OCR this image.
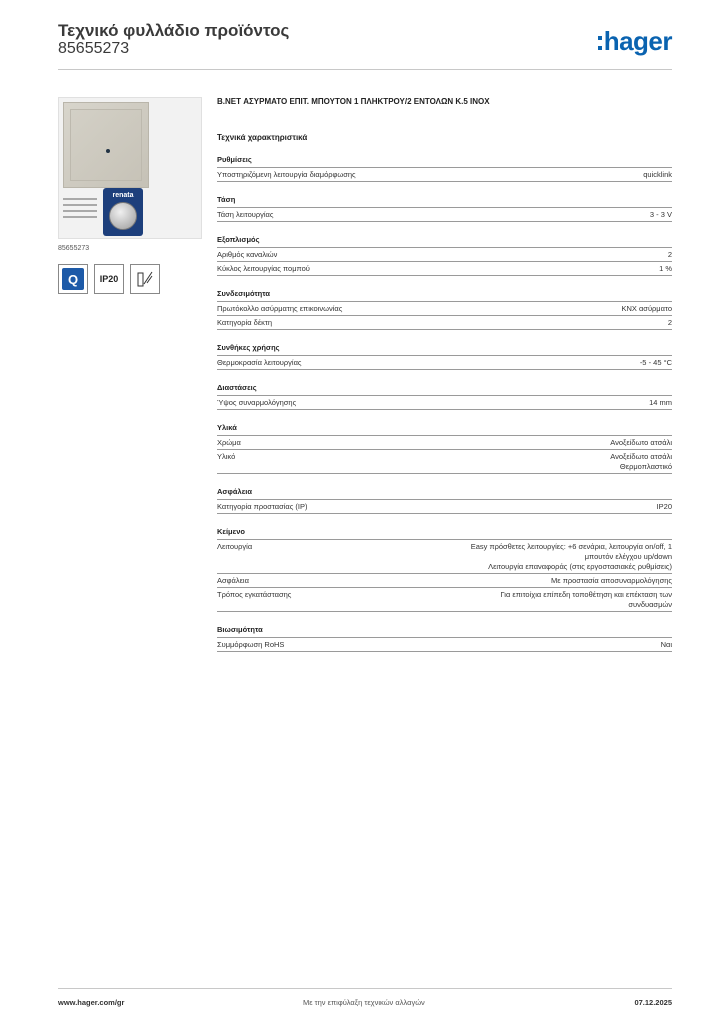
Τεχνικό φυλλάδιο προϊόντος
85655273	hager
renata
85655273
Q	IP20
B.NET ΑΣΥΡΜΑΤΟ ΕΠΙΤ. ΜΠΟΥΤΟΝ 1 ΠΛΗΚΤΡΟΥ/2 ΕΝΤΟΛΩΝ Κ.5 INOX
Τεχνικά χαρακτηριστικά
Ρυθμίσεις
Υποστηριζόμενη λειτουργία διαμόρφωσης	quicklink
Τάση
Τάση λειτουργίας	3 - 3 V
Εξοπλισμός
Αριθμός καναλιών	2
Κύκλος λειτουργίας πομπού	1 %
Συνδεσιμότητα
Πρωτόκολλο ασύρματης επικοινωνίας	KNX ασύρματο
Κατηγορία δέκτη	2
Συνθήκες χρήσης
Θερμοκρασία λειτουργίας	-5 - 45 °C
Διαστάσεις
Ύψος συναρμολόγησης	14 mm
Υλικά
Χρώμα	Ανοξείδωτο ατσάλι
Υλικό	Ανοξείδωτο ατσάλι
Θερμοπλαστικό
Ασφάλεια
Κατηγορία προστασίας (IP)	IP20
Κείμενο
Λειτουργία	Easy πρόσθετες λειτουργίες: +6 σενάρια, λειτουργία on/off, 1
μπουτόν ελέγχου up/down
Λειτουργία επαναφοράς (στις εργοστασιακές ρυθμίσεις)
Ασφάλεια	Με προστασία αποσυναρμολόγησης
Τρόπος εγκατάστασης	Για επιτοίχια επίπεδη τοποθέτηση και επέκταση των
συνδυασμών
Βιωσιμότητα
Συμμόρφωση RoHS	Ναι
www.hager.com/gr	Με την επιφύλαξη τεχνικών αλλαγών	07.12.2025
